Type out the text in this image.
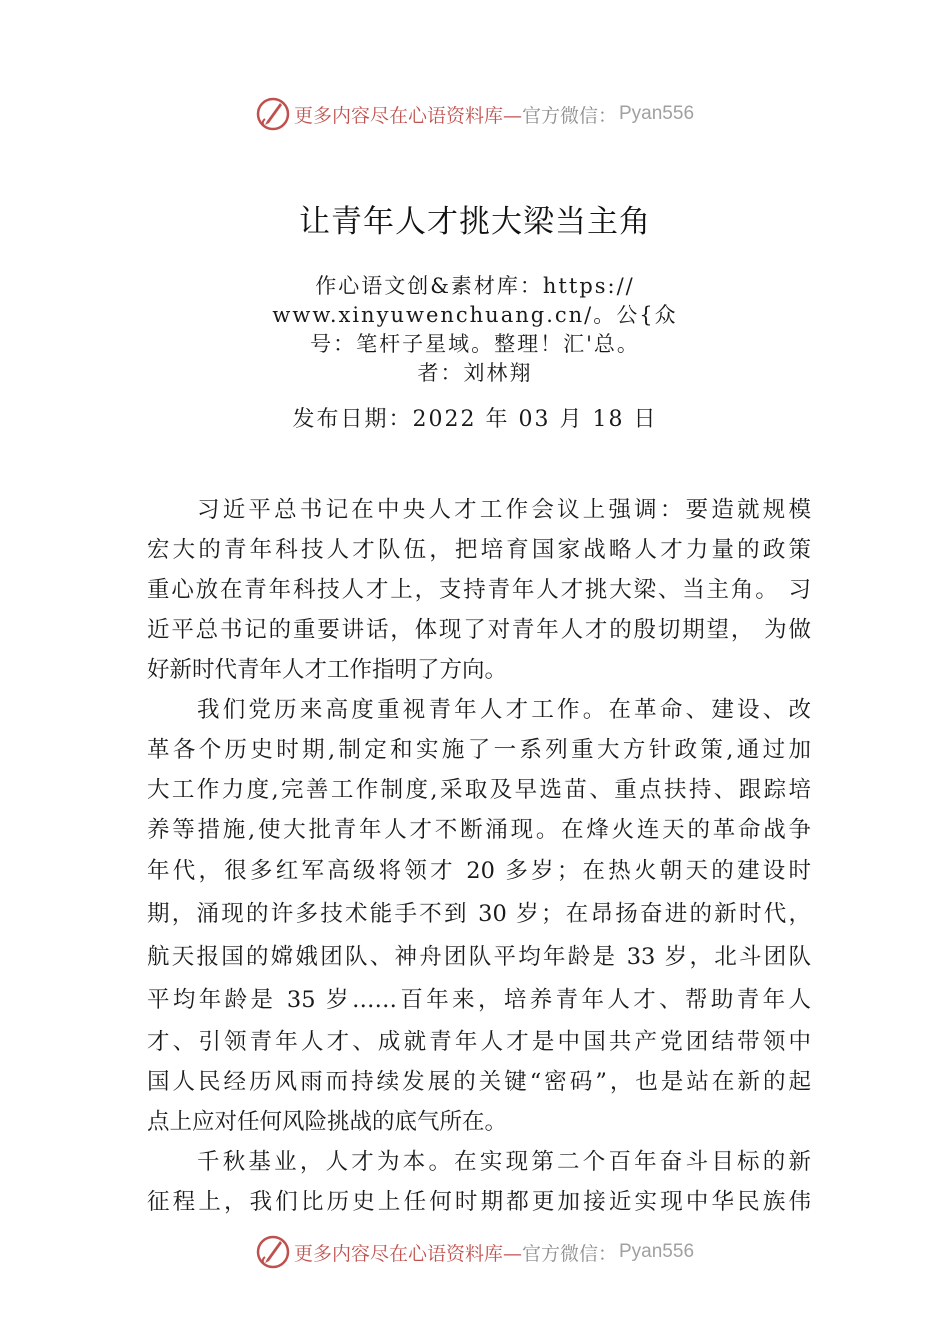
更多内容尽在心语资料库— 官方微信： Pyan556
让青年人才挑大梁当主角
作心语文创&素材库：https://
www.xinyuwenchuang.cn/。公{众
号：笔杆子星域。整理！汇'总。
者：刘林翔
发布日期：2022 年 03 月 18 日
习近平总书记在中央人才工作会议上强调：要造就规模
宏大的青年科技人才队伍，把培育国家战略人才力量的政策
重心放在青年科技人才上，支持青年人才挑大梁、当主角。 习
近平总书记的重要讲话，体现了对青年人才的殷切期望， 为做
好新时代青年人才工作指明了方向。
我们党历来高度重视青年人才工作。在革命、建设、改
革各个历史时期,制定和实施了一系列重大方针政策,通过加
大工作力度,完善工作制度,采取及早选苗、重点扶持、跟踪培
养等措施,使大批青年人才不断涌现。在烽火连天的革命战争
年代，很多红军高级将领才 20 多岁；在热火朝天的建设时
期，涌现的许多技术能手不到 30 岁；在昂扬奋进的新时代，
航天报国的嫦娥团队、神舟团队平均年龄是 33 岁，北斗团队
平均年龄是 35 岁……百年来，培养青年人才、帮助青年人
才、引领青年人才、成就青年人才是中国共产党团结带领中
国人民经历风雨而持续发展的关键“密码”，也是站在新的起
点上应对任何风险挑战的底气所在。
千秋基业，人才为本。在实现第二个百年奋斗目标的新
征程上，我们比历史上任何时期都更加接近实现中华民族伟
更多内容尽在心语资料库— 官方微信： Pyan556
